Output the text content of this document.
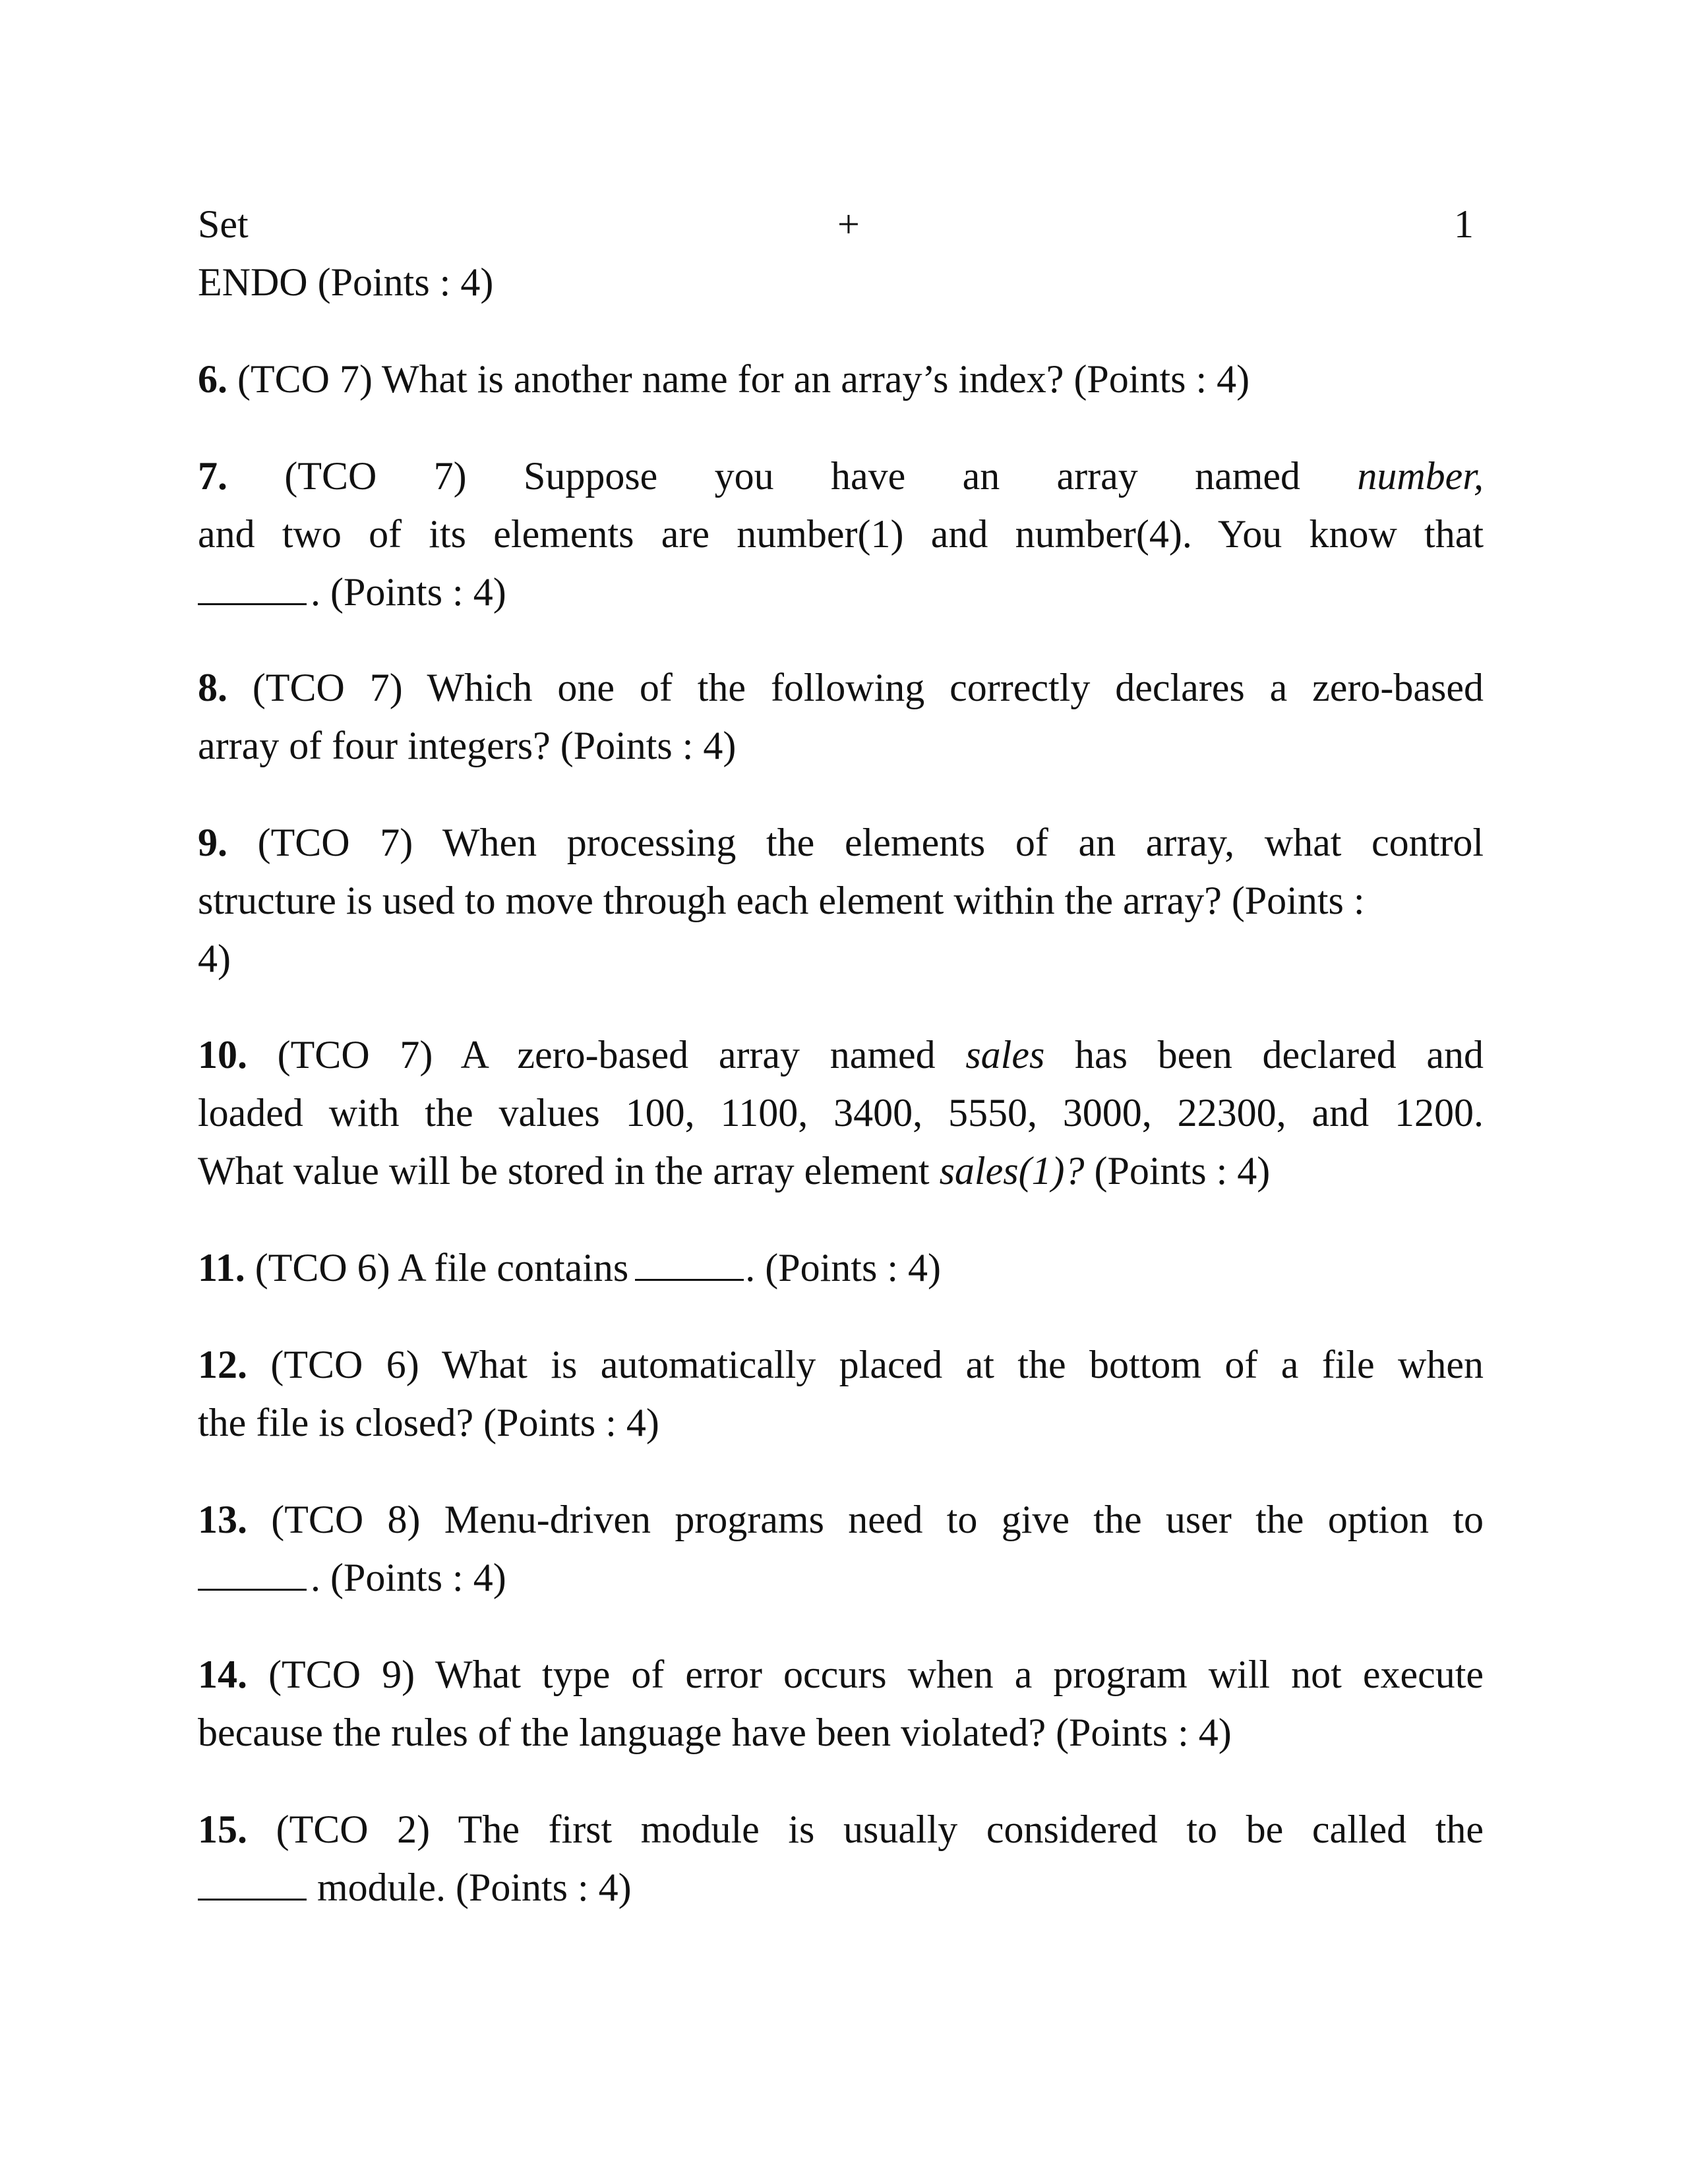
Set	+	1
ENDO (Points : 4)
6. (TCO 7) What is another name for an array’s index? (Points : 4)
7. (TCO 7) Suppose you have an array named number,
and two of its elements are number(1) and number(4). You know that
. (Points : 4)
8. (TCO 7) Which one of the following correctly declares a zero-based
array of four integers? (Points : 4)
9. (TCO 7) When processing the elements of an array, what control
structure is used to move through each element within the array? (Points :
4)
10. (TCO 7) A zero-based array named sales has been declared and
loaded with the values 100, 1100, 3400, 5550, 3000, 22300, and 1200.
What value will be stored in the array element sales(1)? (Points : 4)
11. (TCO 6) A file contains	. (Points : 4)
12. (TCO 6) What is automatically placed at the bottom of a file when
the file is closed? (Points : 4)
13. (TCO 8) Menu-driven programs need to give the user the option to
. (Points : 4)
14. (TCO 9) What type of error occurs when a program will not execute
because the rules of the language have been violated? (Points : 4)
15. (TCO 2) The first module is usually considered to be called the
module. (Points : 4)
